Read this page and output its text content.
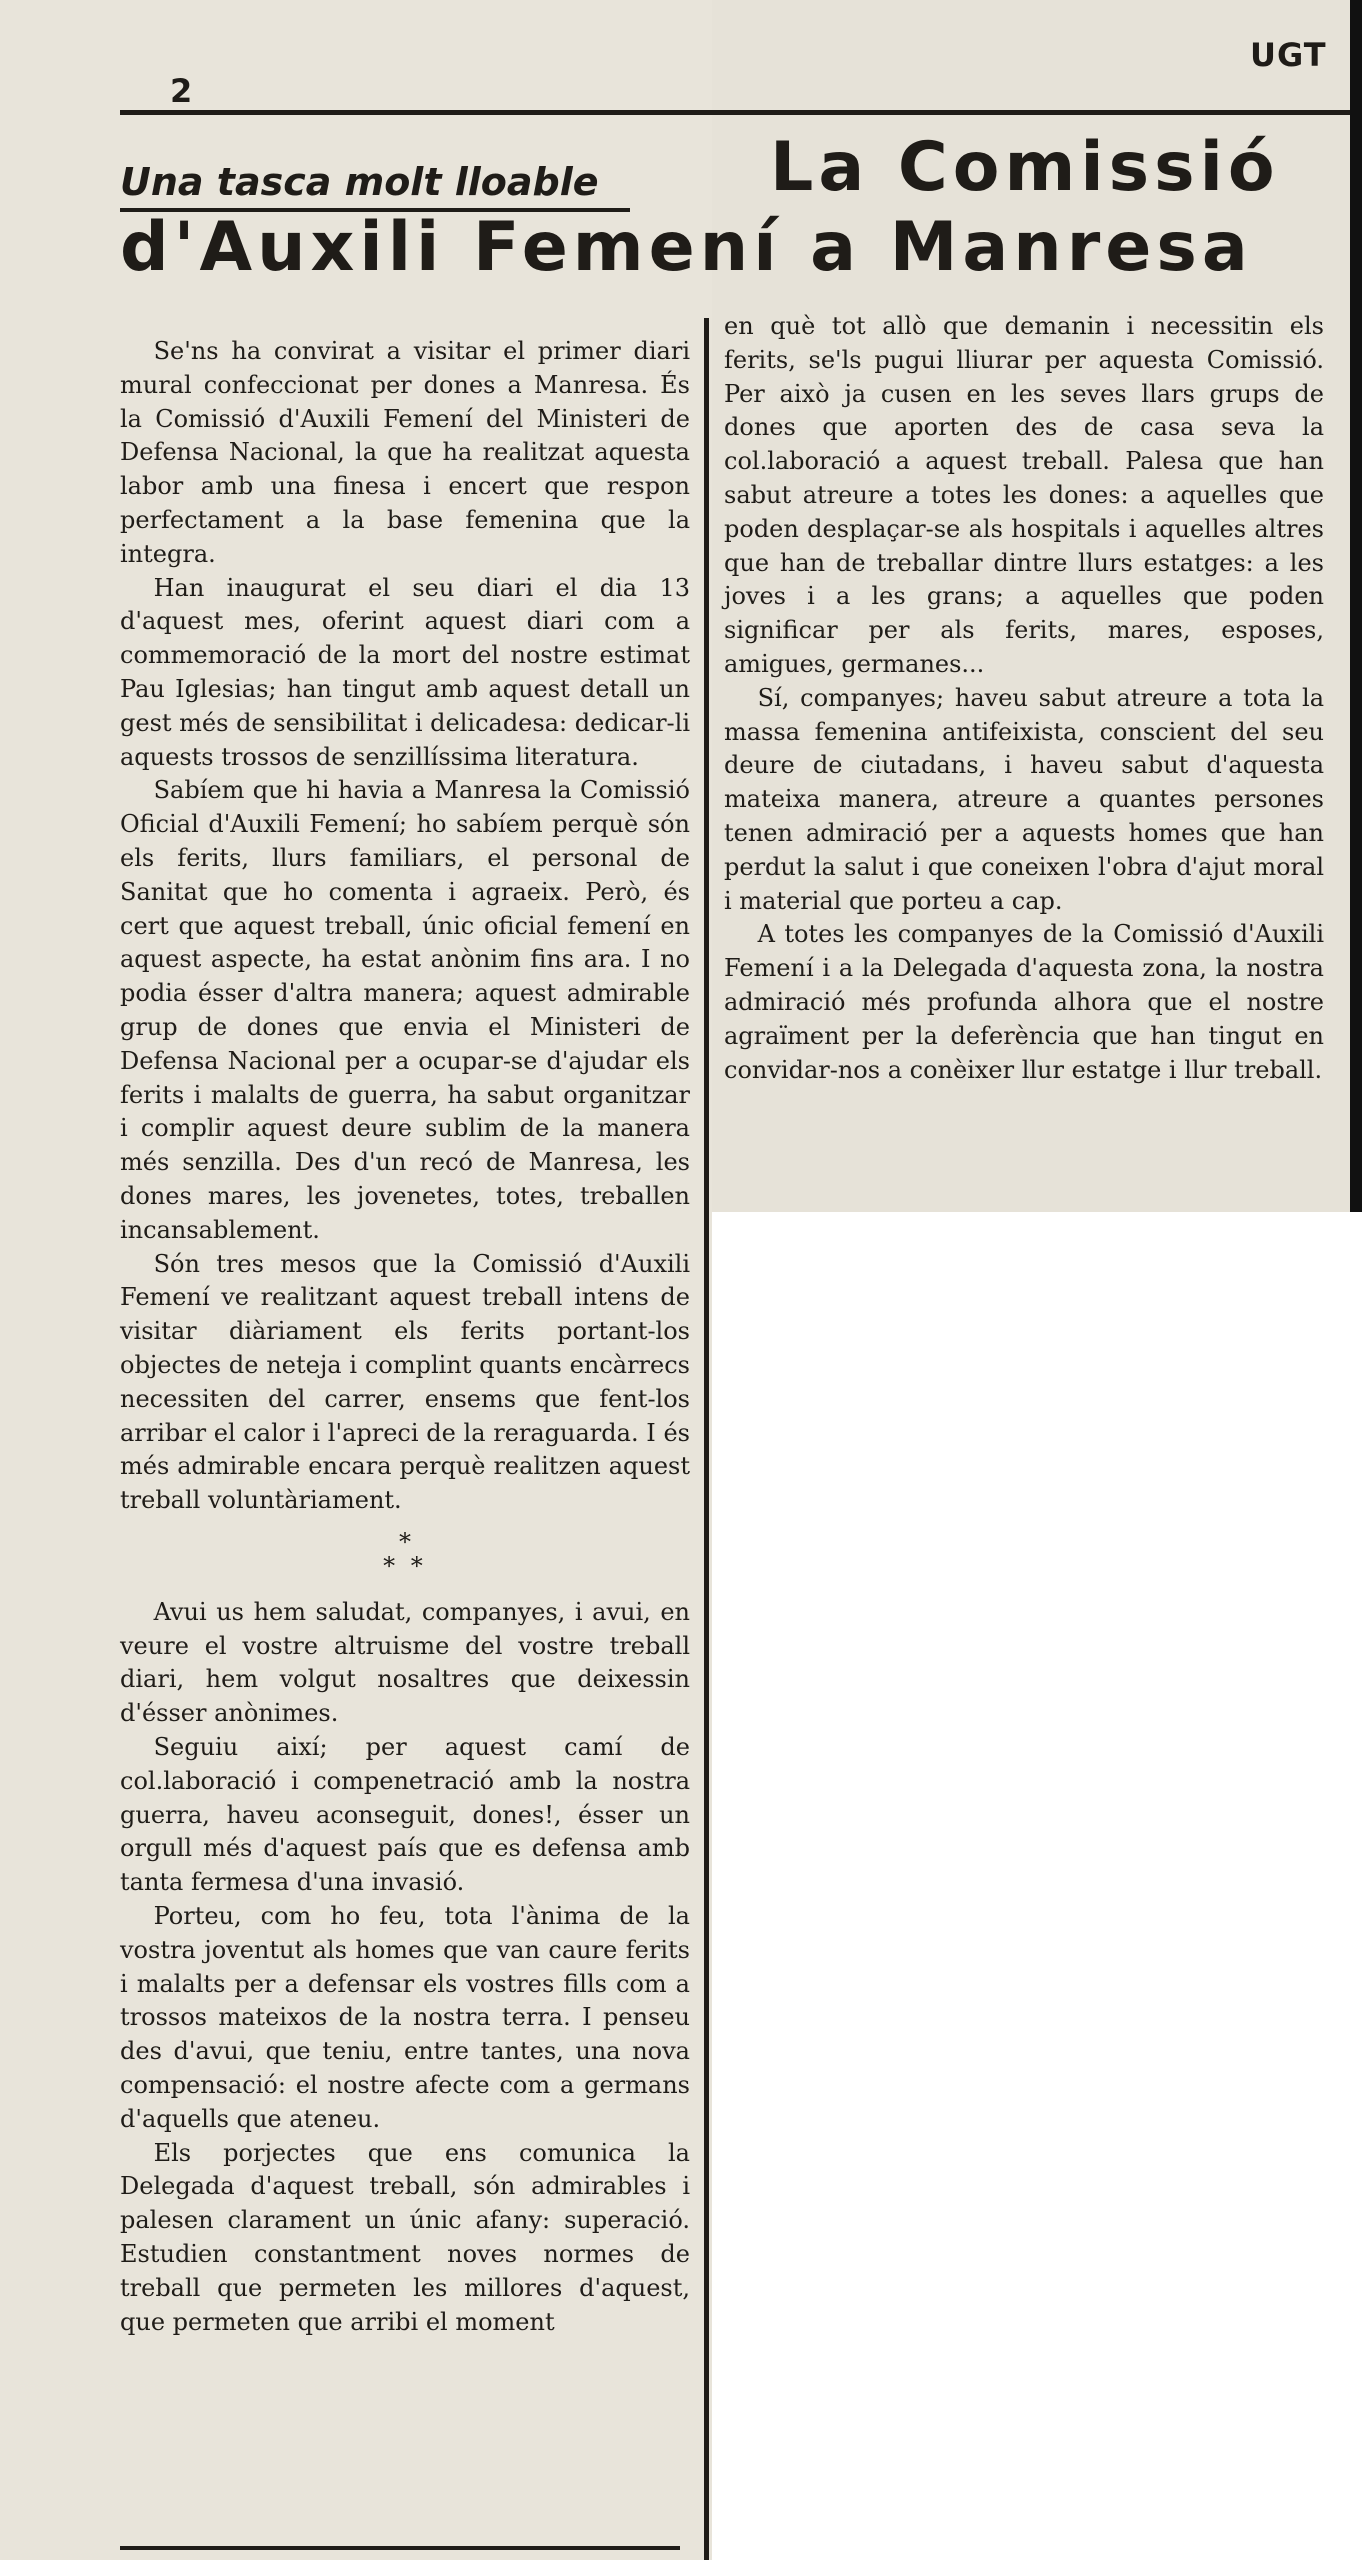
UGT
2
Una tasca molt lloable	La Comissió
d'Auxili Femení a Manresa

Se'ns ha convirat a visitar el primer diari mural confeccionat per dones a Manresa. És la Comissió d'Auxili Femení del Ministeri de Defensa Nacional, la que ha realitzat aquesta labor amb una finesa i encert que respon perfectament a la base femenina que la integra.

Han inaugurat el seu diari el dia 13 d'aquest mes, oferint aquest diari com a commemoració de la mort del nostre estimat Pau Iglesias; han tingut amb aquest detall un gest més de sensibilitat i delicadesa: dedicar-li aquests trossos de senzillíssima literatura.

Sabíem que hi havia a Manresa la Comissió Oficial d'Auxili Femení; ho sabíem perquè són els ferits, llurs familiars, el personal de Sanitat que ho comenta i agraeix. Però, és cert que aquest treball, únic oficial femení en aquest aspecte, ha estat anònim fins ara. I no podia ésser d'altra manera; aquest admirable grup de dones que envia el Ministeri de Defensa Nacional per a ocupar-se d'ajudar els ferits i malalts de guerra, ha sabut organitzar i complir aquest deure sublim de la manera més senzilla. Des d'un recó de Manresa, les dones mares, les jovenetes, totes, treballen incansablement.

Són tres mesos que la Comissió d'Auxili Femení ve realitzant aquest treball intens de visitar diàriament els ferits portant-los objectes de neteja i complint quants encàrrecs necessiten del carrer, ensems que fent-los arribar el calor i l'apreci de la reraguarda. I és més admirable encara perquè realitzen aquest treball voluntàriament.

*
* *

Avui us hem saludat, companyes, i avui, en veure el vostre altruisme del vostre treball diari, hem volgut nosaltres que deixessin d'ésser anònimes.

Seguiu així; per aquest camí de col.laboració i compenetració amb la nostra guerra, haveu aconseguit, dones!, ésser un orgull més d'aquest país que es defensa amb tanta fermesa d'una invasió.

Porteu, com ho feu, tota l'ànima de la vostra joventut als homes que van caure ferits i malalts per a defensar els vostres fills com a trossos mateixos de la nostra terra. I penseu des d'avui, que teniu, entre tantes, una nova compensació: el nostre afecte com a germans d'aquells que ateneu.

Els porjectes que ens comunica la Delegada d'aquest treball, són admirables i palesen clarament un únic afany: superació. Estudien constantment noves normes de treball que permeten les millores d'aquest, que permeten que arribi el moment

en què tot allò que demanin i necessitin els ferits, se'ls pugui lliurar per aquesta Comissió. Per això ja cusen en les seves llars grups de dones que aporten des de casa seva la col.laboració a aquest treball. Palesa que han sabut atreure a totes les dones: a aquelles que poden desplaçar-se als hospitals i aquelles altres que han de treballar dintre llurs estatges: a les joves i a les grans; a aquelles que poden significar per als ferits, mares, esposes, amigues, germanes...

Sí, companyes; haveu sabut atreure a tota la massa femenina antifeixista, conscient del seu deure de ciutadans, i haveu sabut d'aquesta mateixa manera, atreure a quantes persones tenen admiració per a aquests homes que han perdut la salut i que coneixen l'obra d'ajut moral i material que porteu a cap.

A totes les companyes de la Comissió d'Auxili Femení i a la Delegada d'aquesta zona, la nostra admiració més profunda alhora que el nostre agraïment per la deferència que han tingut en convidar-nos a conèixer llur estatge i llur treball.
